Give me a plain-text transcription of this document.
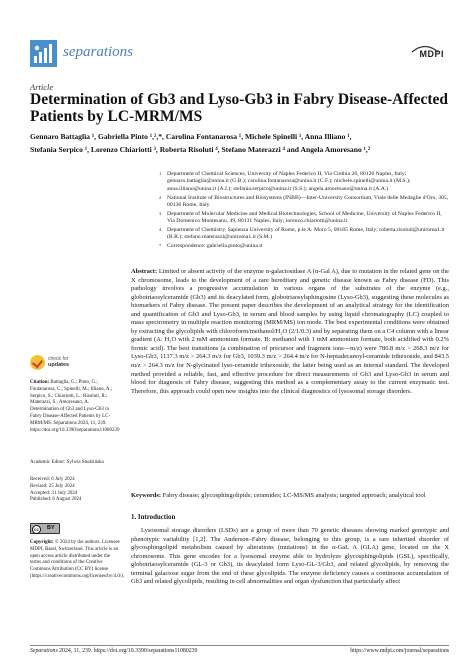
separations	MDPI
Article
Determination of Gb3 and Lyso-Gb3 in Fabry Disease-Affected Patients by LC-MRM/MS
Gennaro Battaglia ¹, Gabriella Pinto ¹,²,*, Carolina Fontanarosa ¹, Michele Spinelli ¹, Anna Illiano ¹,
Stefania Serpico ¹, Lorenzo Chiariotti ³, Roberta Risoluti ⁴, Stefano Materazzi ⁴ and Angela Amoresano ¹,²
1 Department of Chemical Sciences, University of Naples Federico II, Via Cinthia 26, 80126 Naples, Italy; gennaro.battaglia@unina.it (G.B.); carolina.fontanarosa@unina.it (C.F.); michele.spinelli@unina.it (M.S.); anna.illiano@unina.it (A.I.); stefania.serpico@unina.it (S.S.); angela.amoresano@unina.it (A.A.)
2 National Institute of Biostructures and Biosystems (INBB)—Inter-University Consortium, Viale delle Medaglie d'Oro, 305, 00136 Rome, Italy
3 Department of Molecular Medicine and Medical Biotechnologies, School of Medicine, University of Naples Federico II, Via Domenico Montesano, 49, 80131 Naples, Italy; lorenzo.chiariotti@unina.it
4 Department of Chemistry, Sapienza University of Rome, p.le A. Moro 5, 00185 Rome, Italy; roberta.risoluti@uniroma1.it (R.R.); stefano.materazzi@uniroma1.it (S.M.)
* Correspondence: gabriella.pinto@unina.it
Abstract: Limited or absent activity of the enzyme α-galactosidase A (α-Gal A), due to mutation in the related gene on the X chromosome, leads to the development of a rare hereditary and genetic disease known as Fabry disease (FD). This pathology involves a progressive accumulation in various organs of the substrates of the enzyme (e.g., globotriaosylceramide (Gb3) and its deacylated form, globotriaosylsphingosine (Lyso-Gb3), suggesting these molecules as biomarkers of Fabry disease. The present paper describes the development of an analytical strategy for the identification and quantification of Gb3 and Lyso-Gb3, in serum and blood samples by using liquid chromatography (LC) coupled to mass spectrometry in multiple reaction monitoring (MRM/MS) ion mode. The best experimental conditions were obtained by extracting the glycolipids with chloroform/methanol/H₂O (2/1/0.3) and by separating them on a C4 column with a linear gradient (A: H₂O with 2 mM ammonium formate. B: methanol with 1 mM ammonium formate, both acidified with 0.2% formic acid). The best transitions (a combination of precursor and fragment ions—m/z) were 786.8 m/z > 268.3 m/z for Lyso-Gb3, 1137.3 m/z > 264.3 m/z for Gb3, 1039.3 m/z > 264.4 m/z for N-heptadecanoyl-ceramide trihexoside, and 843.5 m/z > 264.3 m/z for N-glycinated lyso-ceramide trihexoside, the latter being used as an internal standard. The developed method provided a reliable, fast, and effective procedure for direct measurements of Gb3 and Lyso-Gb3 in serum and blood for diagnosis of Fabry disease, suggesting this method as a complementary assay to the current enzymatic test. Therefore, this approach could open new insights into the clinical diagnostics of lysosomal storage disorders.
Keywords: Fabry disease; glycosphingolipids; ceramides; LC-MS/MS analysis; targeted approach; analytical tool
1. Introduction
Lysosomal storage disorders (LSDs) are a group of more than 70 genetic diseases showing marked genotypic and phenotypic variability [1,2]. The Anderson–Fabry disease, belonging to this group, is a rare inherited disorder of glycosphingolipid metabolism caused by alterations (mutations) in the α-GaL A (GLA) gene, located on the X chromosome. This gene encodes for a lysosomal enzyme able to hydrolyze glycosphingolipids (GSL), specifically, globotriaosylceramide (GL-3 or Gb3), its deacylated form Lyso-GL-3/Gb3, and related glycolipids, by removing the terminal galactose sugar from the end of these glycolipids. The enzyme deficiency causes a continuous accumulation of Gb3 and related glycolipids, resulting in cell abnormalities and organ dysfunction that particularly affect
check for
updates
Citation: Battaglia, G.; Pinto, G.; Fontanarosa, C.; Spinelli, M.; Illiano, A.; Serpico, S.; Chiariotti, L.; Risoluti, R.; Materazzi, S.; Amoresano, A. Determination of Gb3 and Lyso-Gb3 in Fabry Disease-Affected Patients by LC-MRM/MS. Separations 2024, 11, 239. https://doi.org/10.3390/separations11080239
Academic Editor: Sylwia Studzińska
Received: 6 July 2024
Revised: 25 July 2024
Accepted: 31 July 2024
Published: 6 August 2024
cc	BY
Copyright: © 2024 by the authors. Licensee MDPI, Basel, Switzerland. This article is an open access article distributed under the terms and conditions of the Creative Commons Attribution (CC BY) license (https://creativecommons.org/licenses/by/4.0/).
Separations 2024, 11, 239. https://doi.org/10.3390/separations11080239	https://www.mdpi.com/journal/separations
